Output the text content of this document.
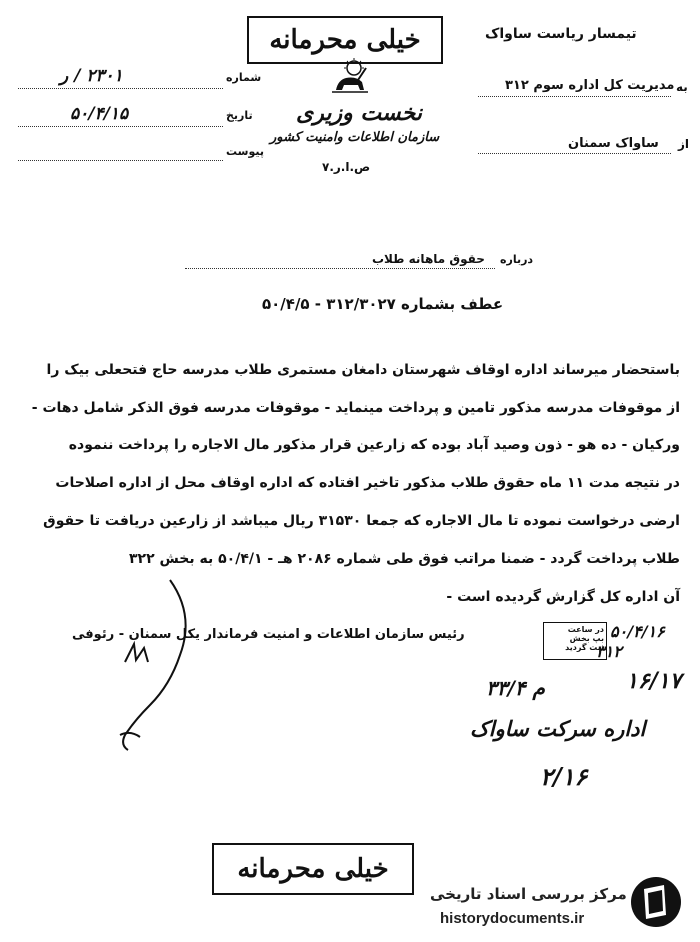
خیلی محرمانه
نخست وزیری
سازمان اطلاعات وامنیت کشور
ص.ا.ر.۷
شماره
۲۳۰۱ / ر
تاریخ
۵۰/۴/۱۵
پیوست
تیمسار ریاست ساواک
به
مدیریت کل اداره سوم ۳۱۲
از
ساواک سمنان
درباره
حقوق ماهانه طلاب
عطف بشماره ۳۱۲/۳۰۲۷ - ۵۰/۴/۵
باستحضار میرساند اداره اوقاف شهرستان دامغان مستمری طلاب مدرسه حاج فتحعلی بیک را
از موقوفات مدرسه مذکور تامین و پرداخت مینماید - موقوفات مدرسه فوق الذکر شامل دهات -
ورکیان - ده هو - ذون وصید آباد بوده که زارعین قرار مذکور مال الاجاره را پرداخت ننموده
در نتیجه مدت ۱۱ ماه حقوق طلاب مذکور تاخیر افتاده که اداره اوقاف محل از اداره اصلاحات
ارضی درخواست نموده تا مال الاجاره که جمعا ۳۱۵۳۰ ریال میباشد از زارعین دریافت تا حقوق
طلاب پرداخت گردد - ضمنا مراتب فوق طی شماره ۲۰۸۶ هـ - ۵۰/۴/۱ به بخش ۳۲۲
آن اداره کل گزارش گردیده است -
رئیس سازمان اطلاعات و امنیت فرماندار یکل سمنان - رئوفی	در ساعت
بپ بخش
ثبت گردید
۵۰/۴/۱۶
۳۱۲
۱۶/۱۷
م ۳۳/۴
اداره سرکت ساواک
۲/۱۶
خیلی محرمانه
مرکز بررسی اسناد تاریخی
historydocuments.ir
